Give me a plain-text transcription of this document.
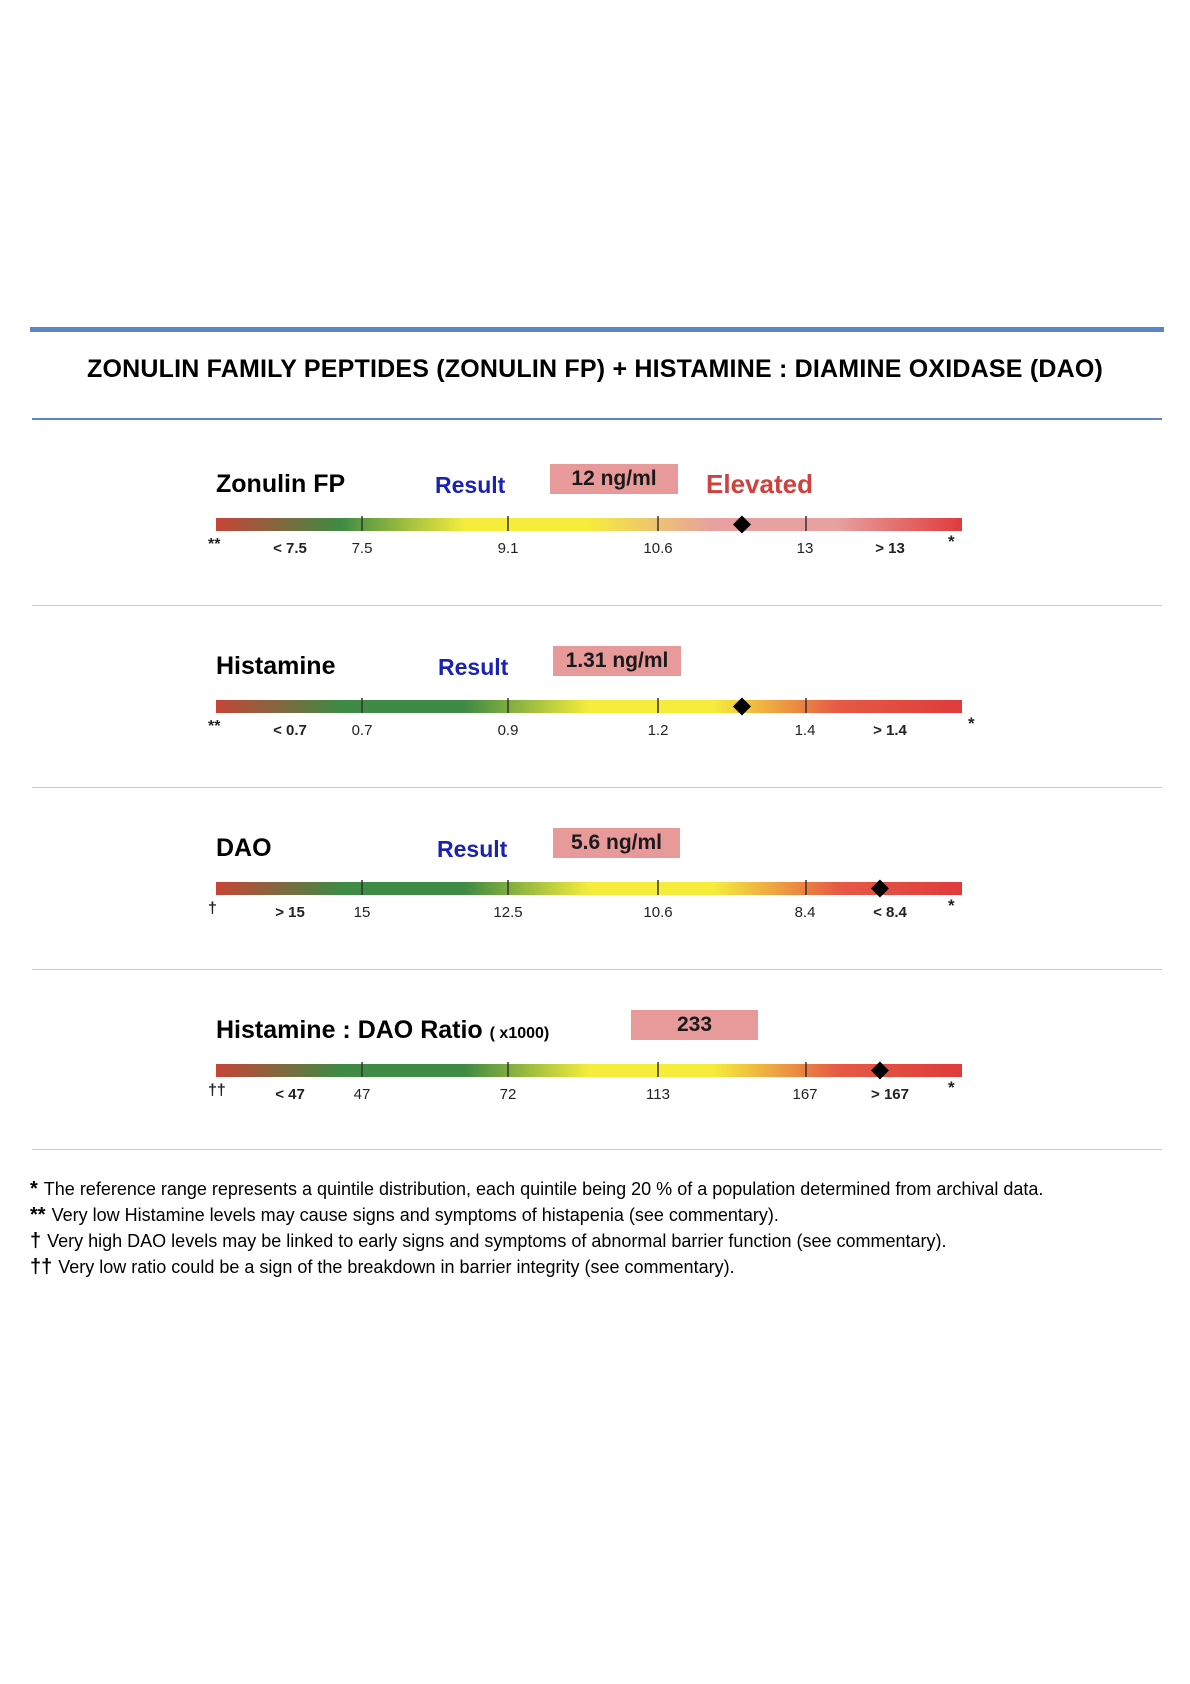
ZONULIN FAMILY PEPTIDES (ZONULIN FP) + HISTAMINE : DIAMINE OXIDASE (DAO)
Zonulin FP	Result	12 ng/ml	Elevated
< 7.5	7.5	9.1	10.6	13	> 13
**	*
Histamine	Result	1.31 ng/ml
< 0.7	0.7	0.9	1.2	1.4	> 1.4
**	*
DAO	Result	5.6 ng/ml
> 15	15	12.5	10.6	8.4	< 8.4
†	*
Histamine : DAO Ratio ( x1000)	233
< 47	47	72	113	167	> 167
††	*
* The reference range represents a quintile distribution, each quintile being 20 % of a population determined from archival data.
** Very low Histamine levels may cause signs and symptoms of histapenia (see commentary).
† Very high DAO levels may be linked to early signs and symptoms of abnormal barrier function (see commentary).
†† Very low ratio could be a sign of the breakdown in barrier integrity (see commentary).
